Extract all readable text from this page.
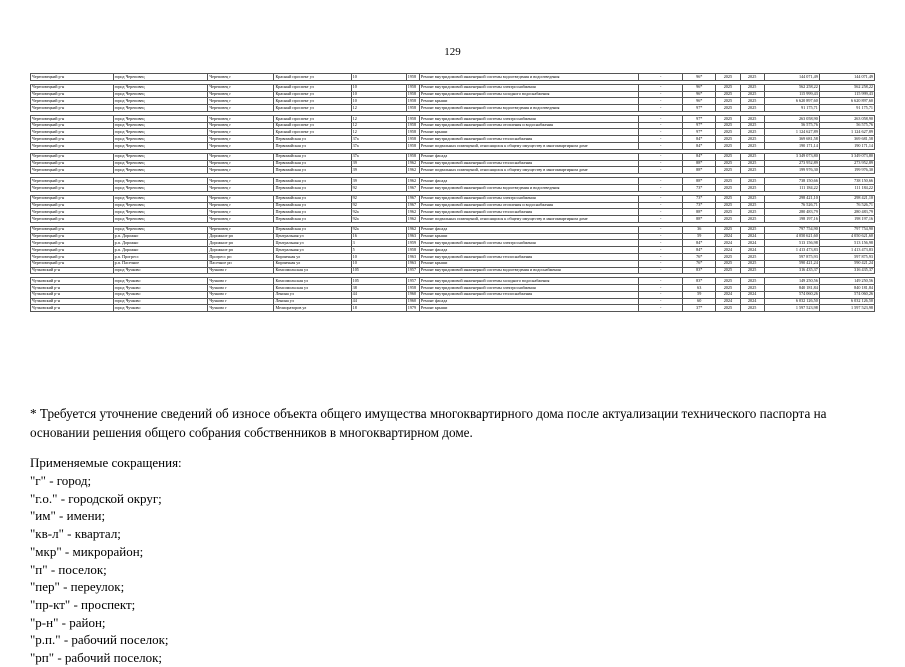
129
Череповецкий р-н	город Череповец	Череповец г	Красный проспект ул	10	1958	Ремонт внутридомовой инженерной системы водоотведения и водоотведения	-	96*	2025	2025	144 071,49	144 071,49

Череповецкий р-н	город Череповец	Череповец г	Красный проспект ул	10	1958	Ремонт внутридомовой инженерной системы электроснабжения	-	96*	2025	2025	562 258,22	562 258,22
Череповецкий р-н	город Череповец	Череповец г	Красный проспект ул	10	1958	Ремонт внутридомовой инженерной системы холодного водоснабжения	-	96*	2025	2025	115 999,43	115 999,43
Череповецкий р-н	город Череповец	Череповец г	Красный проспект ул	10	1958	Ремонт крыши	-	96*	2025	2025	6 620 897,60	6 620 897,60
Череповецкий р-н	город Череповец	Череповец г	Красный проспект ул	12	1958	Ремонт внутридомовой инженерной системы водоотведения и водоотведения	-	97*	2025	2025	91 175,71	91 175,71

Череповецкий р-н	город Череповец	Череповец г	Красный проспект ул	12	1958	Ремонт внутридомовой инженерной системы электроснабжения	-	97*	2025	2025	263 058,90	263 058,90
Череповецкий р-н	город Череповец	Череповец г	Красный проспект ул	12	1958	Ремонт внутридомовой инженерной системы отопления и водоснабжения	-	97*	2025	2025	56 575,76	56 575,76
Череповецкий р-н	город Череповец	Череповец г	Красный проспект ул	12	1958	Ремонт крыши	-	97*	2025	2025	1 124 627,89	1 124 627,89
Череповецкий р-н	город Череповец	Череповец г	Первомайская ул	37а	1958	Ремонт внутридомовой инженерной системы теплоснабжения	-	84*	2025	2025	369 681,58	369 681,58
Череповецкий р-н	город Череповец	Череповец г	Первомайская ул	37а	1958	Ремонт подвальных помещений, относящихся к общему имуществу в многоквартирном доме	-	84*	2025	2025	190 171,14	190 171,14

Череповецкий р-н	город Череповец	Череповец г	Первомайская ул	37а	1958	Ремонт фасада	-	84*	2025	2025	3 349 073,80	3 349 073,80
Череповецкий р-н	город Череповец	Череповец г	Первомайская ул	39	1962	Ремонт внутридомовой инженерной системы теплоснабжения	-	88*	2025	2025	273 952,89	273 952,89
Череповецкий р-н	город Череповец	Череповец г	Первомайская ул	39	1962	Ремонт подвальных помещений, относящихся к общему имуществу в многоквартирном доме	-	88*	2025	2025	199 976,30	199 976,30

Череповецкий р-н	город Череповец	Череповец г	Первомайская ул	39	1962	Ремонт фасада	-	88*	2025	2025	738 150,66	738 150,66
Череповецкий р-н	город Череповец	Череповец г	Первомайская ул	92	1967	Ремонт внутридомовой инженерной системы водоотведения и водоотведения	-	73*	2025	2025	111 184,22	111 184,22

Череповецкий р-н	город Череповец	Череповец г	Первомайская ул	92	1967	Ремонт внутридомовой инженерной системы электроснабжения	-	73*	2025	2025	298 421,10	298 421,10
Череповецкий р-н	город Череповец	Череповец г	Первомайская ул	92	1967	Ремонт внутридомовой инженерной системы отопления и водоснабжения	-	73*	2025	2025	76 526,71	76 526,71
Череповецкий р-н	город Череповец	Череповец г	Первомайская ул	92а	1962	Ремонт внутридомовой инженерной системы теплоснабжения	-	88*	2025	2025	280 483,79	280 483,79
Череповецкий р-н	город Череповец	Череповец г	Первомайская ул	92а	1962	Ремонт подвальных помещений, относящихся к общему имуществу в многоквартирном доме	-	88*	2025	2025	198 197,16	198 197,16

Череповецкий р-н	город Череповец	Череповец г	Первомайская ул	92а	1962	Ремонт фасада	-	36	2025	2025	797 754,90	797 754,90
Череповецкий р-н	р.п. Дорожно	Дорожное рп	Центральная ул	16	1963	Ремонт крыши	-	59	2024	2024	4 050 621,60	4 050 621,60
Череповецкий р-н	р.п. Дорожно	Дорожное рп	Центральная ул	3	1959	Ремонт внутридомовой инженерной системы электроснабжения	-	84*	2024	2024	513 156,98	513 156,98
Череповецкий р-н	р.п. Дорожно	Дорожное рп	Центральная ул	5	1958	Ремонт фасада	-	84*	2024	2024	1 413 473,83	1 413 473,83
Череповецкий р-н	р.п. Прогресс	Прогресс рп	Кирпичная ул	10	1963	Ремонт внутридомовой инженерной системы теплоснабжения	-	76*	2025	2025	597 875,93	597 875,93
Череповецкий р-н	р.п. Пасечное	Пасечное рп	Кирпичная ул	10	1963	Ремонт крыши	-	76*	2025	2025	590 421,24	590 421,24
Чучковский р-н	город Чучково	Чучково г	Комсомольская ул	105	1957	Ремонт внутридомовой инженерной системы водоотведения и водоснабжения	-	83*	2025	2025	316 435,37	316 435,37

Чучковский р-н	город Чучково	Чучково г	Комсомольская ул	105	1957	Ремонт внутридомовой инженерной системы холодного водоснабжения	-	83*	2025	2025	149 250,56	149 250,56
Чучковский р-н	город Чучково	Чучково г	Комсомольская ул	38	1958	Ремонт внутридомовой инженерной системы электроснабжения	-	63	2025	2025	840 181,84	840 181,84
Чучковский р-н	город Чучково	Чучково г	Ленина ул	44	1960	Ремонт внутридомовой инженерной системы теплоснабжения	-	59	2024	2024	574 060,26	574 060,26
Чучковский р-н	город Чучково	Чучково г	Ленина ул	44	1960	Ремонт фасада	-	60	2024	2024	6 032 126,50	6 032 126,50
Чучковский р-н	город Чучково	Чучково г	Мелиораторов ул	18	1979	Ремонт крыши	-	37*	2025	2025	1 597 523,98	1 597 523,98
* Требуется уточнение сведений об износе объекта общего имущества многоквартирного дома после актуализации технического паспорта на основании решения общего собрания собственников в многоквартирном доме.
Применяемые сокращения:
"г" - город;
"г.о." - городской округ;
"им" - имени;
"кв-л" - квартал;
"мкр" - микрорайон;
"п" - поселок;
"пер" - переулок;
"пр-кт" - проспект;
"р-н" - район;
"р.п." - рабочий поселок;
"рп" - рабочий поселок;
